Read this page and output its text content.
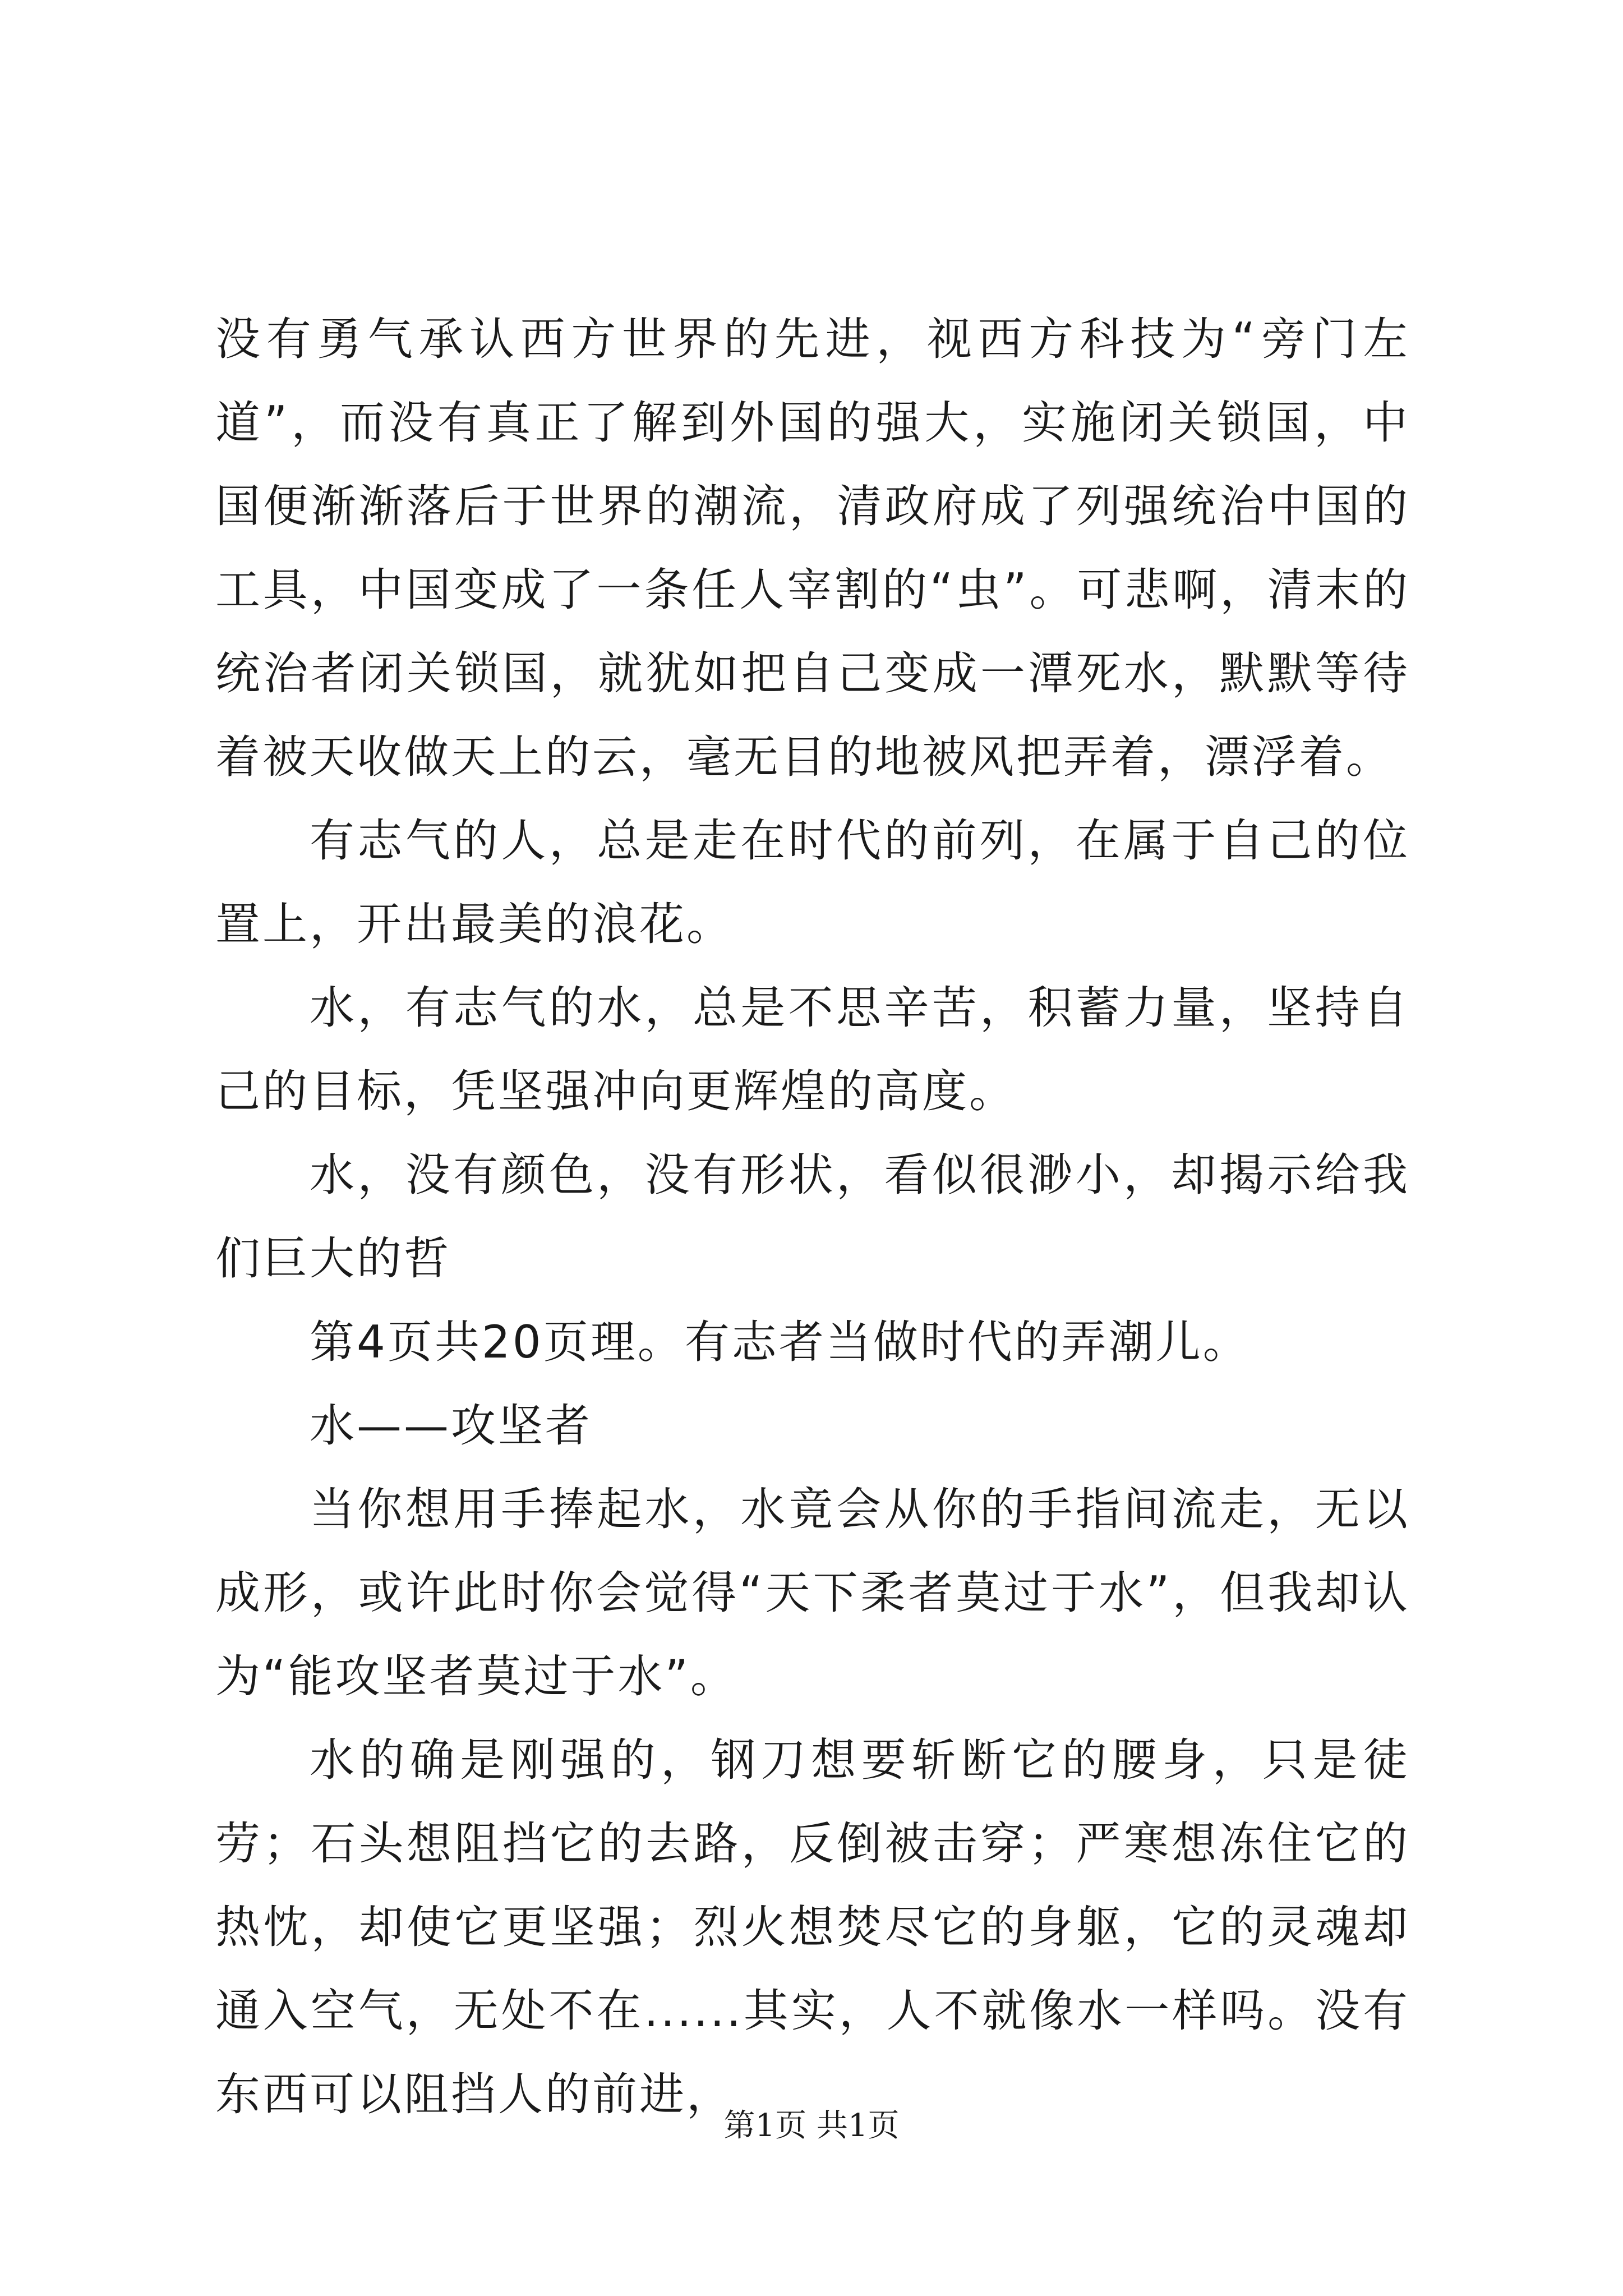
没有勇气承认西方世界的先进，视西方科技为“旁门左道”，而没有真正了解到外国的强大，实施闭关锁国，中国便渐渐落后于世界的潮流，清政府成了列强统治中国的工具，中国变成了一条任人宰割的“虫”。可悲啊，清末的统治者闭关锁国，就犹如把自己变成一潭死水，默默等待着被天收做天上的云，毫无目的地被风把弄着，漂浮着。

有志气的人，总是走在时代的前列，在属于自己的位置上，开出最美的浪花。

水，有志气的水，总是不思辛苦，积蓄力量，坚持自己的目标，凭坚强冲向更辉煌的高度。

水，没有颜色，没有形状，看似很渺小，却揭示给我们巨大的哲

第4页共20页理。有志者当做时代的弄潮儿。

水——攻坚者

当你想用手捧起水，水竟会从你的手指间流走，无以成形，或许此时你会觉得“天下柔者莫过于水”，但我却认为“能攻坚者莫过于水”。

水的确是刚强的，钢刀想要斩断它的腰身，只是徒劳；石头想阻挡它的去路，反倒被击穿；严寒想冻住它的热忱，却使它更坚强；烈火想焚尽它的身躯，它的灵魂却通入空气，无处不在......其实，人不就像水一样吗。没有东西可以阻挡人的前进，

第1页 共1页
